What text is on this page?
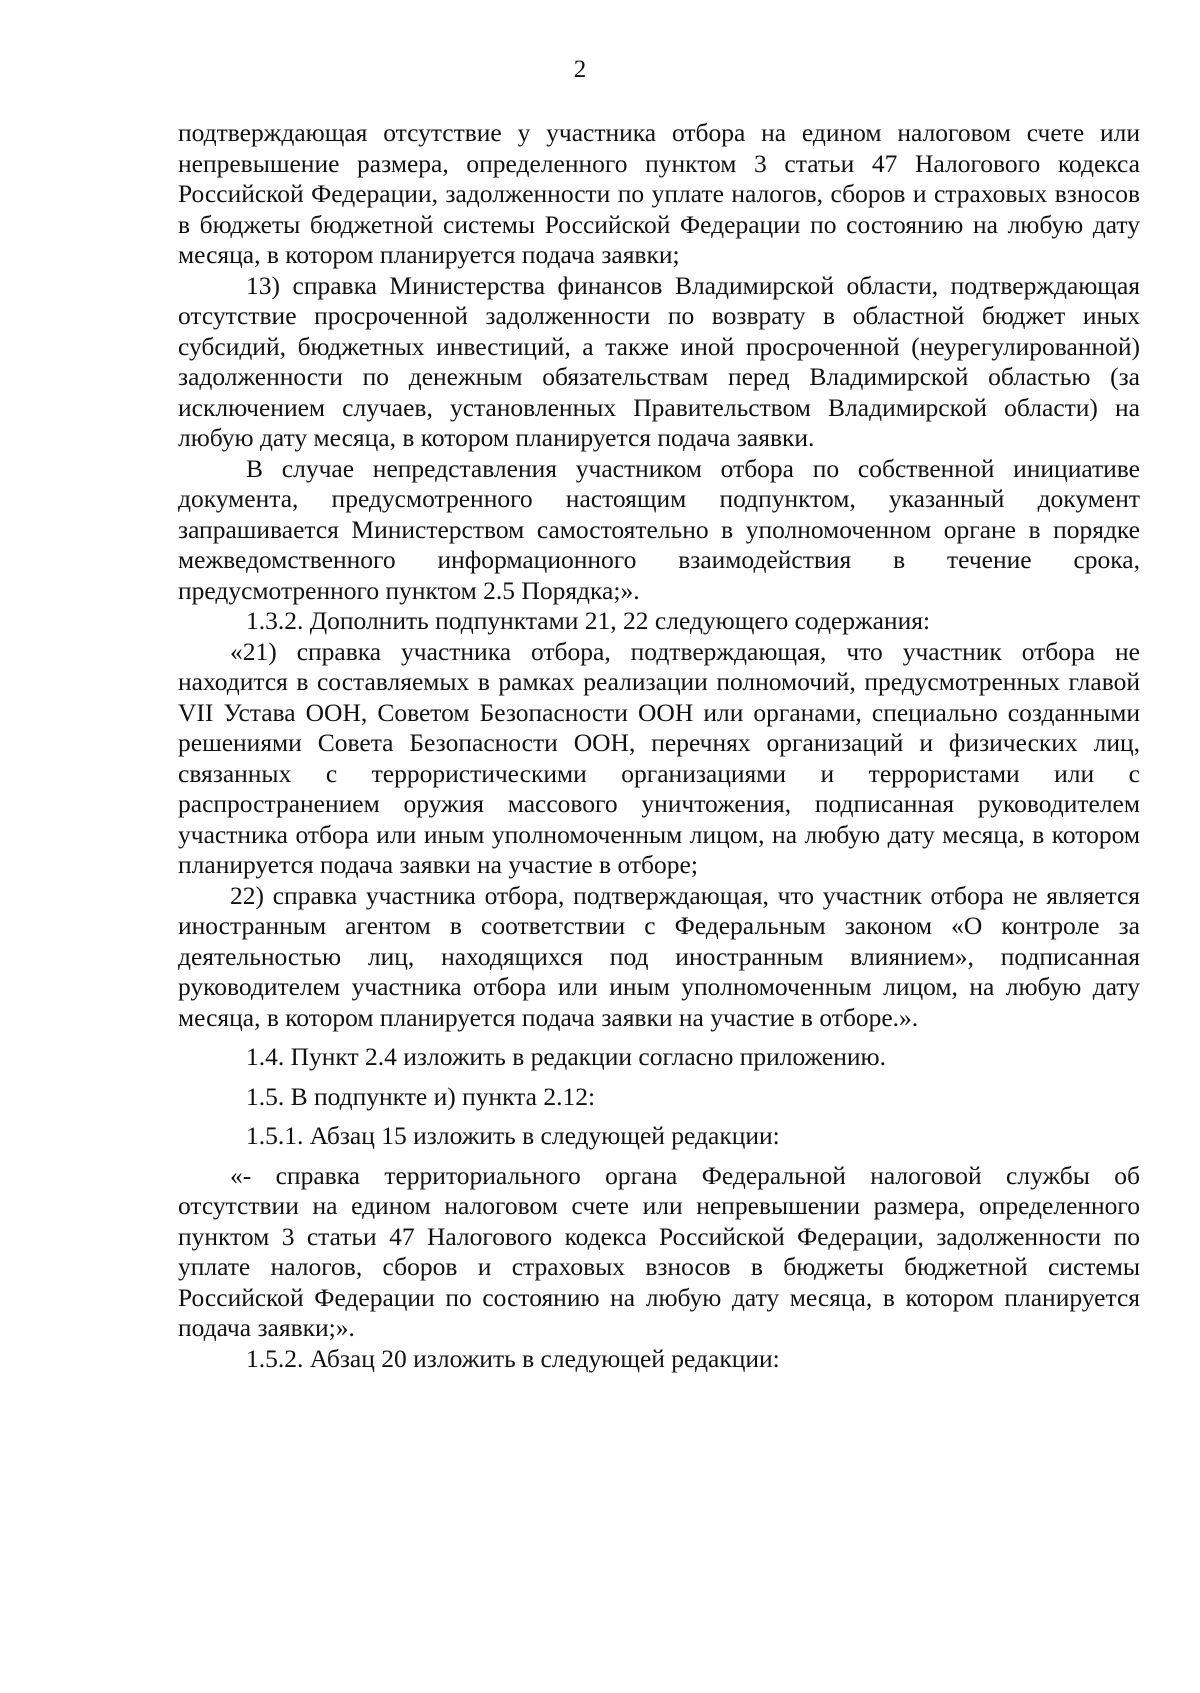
2

подтверждающая отсутствие у участника отбора на едином налоговом счете или непревышение размера, определенного пунктом 3 статьи 47 Налогового кодекса Российской Федерации, задолженности по уплате налогов, сборов и страховых взносов в бюджеты бюджетной системы Российской Федерации по состоянию на любую дату месяца, в котором планируется подача заявки;

13) справка Министерства финансов Владимирской области, подтверждающая отсутствие просроченной задолженности по возврату в областной бюджет иных субсидий, бюджетных инвестиций, а также иной просроченной (неурегулированной) задолженности по денежным обязательствам перед Владимирской областью (за исключением случаев, установленных Правительством Владимирской области) на любую дату месяца, в котором планируется подача заявки.

В случае непредставления участником отбора по собственной инициативе документа, предусмотренного настоящим подпунктом, указанный документ запрашивается Министерством самостоятельно в уполномоченном органе в порядке межведомственного информационного взаимодействия в течение срока, предусмотренного пунктом 2.5 Порядка;».

1.3.2. Дополнить подпунктами 21, 22 следующего содержания:

«21) справка участника отбора, подтверждающая, что участник отбора не находится в составляемых в рамках реализации полномочий, предусмотренных главой VII Устава ООН, Советом Безопасности ООН или органами, специально созданными решениями Совета Безопасности ООН, перечнях организаций и физических лиц, связанных с террористическими организациями и террористами или с распространением оружия массового уничтожения, подписанная руководителем участника отбора или иным уполномоченным лицом, на любую дату месяца, в котором планируется подача заявки на участие в отборе;

22) справка участника отбора, подтверждающая, что участник отбора не является иностранным агентом в соответствии с Федеральным законом «О контроле за деятельностью лиц, находящихся под иностранным влиянием», подписанная руководителем участника отбора или иным уполномоченным лицом, на любую дату месяца, в котором планируется подача заявки на участие в отборе.».

1.4. Пункт 2.4 изложить в редакции согласно приложению.

1.5. В подпункте и) пункта 2.12:

1.5.1. Абзац 15 изложить в следующей редакции:

«- справка территориального органа Федеральной налоговой службы об отсутствии на едином налоговом счете или непревышении размера, определенного пунктом 3 статьи 47 Налогового кодекса Российской Федерации, задолженности по уплате налогов, сборов и страховых взносов в бюджеты бюджетной системы Российской Федерации по состоянию на любую дату месяца, в котором планируется подача заявки;».

1.5.2. Абзац 20 изложить в следующей редакции:
